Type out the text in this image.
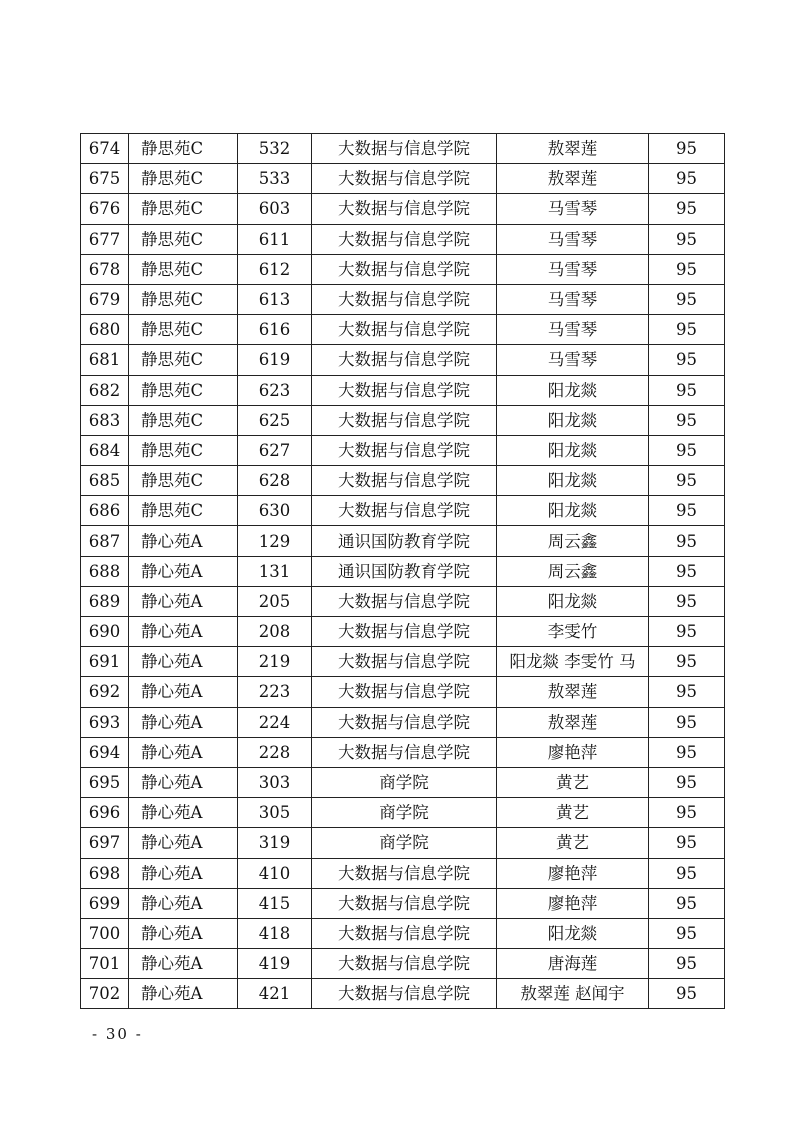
674	静思苑C	532	大数据与信息学院	敖翠莲	95
675	静思苑C	533	大数据与信息学院	敖翠莲	95
676	静思苑C	603	大数据与信息学院	马雪琴	95
677	静思苑C	611	大数据与信息学院	马雪琴	95
678	静思苑C	612	大数据与信息学院	马雪琴	95
679	静思苑C	613	大数据与信息学院	马雪琴	95
680	静思苑C	616	大数据与信息学院	马雪琴	95
681	静思苑C	619	大数据与信息学院	马雪琴	95
682	静思苑C	623	大数据与信息学院	阳龙燚	95
683	静思苑C	625	大数据与信息学院	阳龙燚	95
684	静思苑C	627	大数据与信息学院	阳龙燚	95
685	静思苑C	628	大数据与信息学院	阳龙燚	95
686	静思苑C	630	大数据与信息学院	阳龙燚	95
687	静心苑A	129	通识国防教育学院	周云鑫	95
688	静心苑A	131	通识国防教育学院	周云鑫	95
689	静心苑A	205	大数据与信息学院	阳龙燚	95
690	静心苑A	208	大数据与信息学院	李雯竹	95
691	静心苑A	219	大数据与信息学院	阳龙燚 李雯竹 马	95
692	静心苑A	223	大数据与信息学院	敖翠莲	95
693	静心苑A	224	大数据与信息学院	敖翠莲	95
694	静心苑A	228	大数据与信息学院	廖艳萍	95
695	静心苑A	303	商学院	黄艺	95
696	静心苑A	305	商学院	黄艺	95
697	静心苑A	319	商学院	黄艺	95
698	静心苑A	410	大数据与信息学院	廖艳萍	95
699	静心苑A	415	大数据与信息学院	廖艳萍	95
700	静心苑A	418	大数据与信息学院	阳龙燚	95
701	静心苑A	419	大数据与信息学院	唐海莲	95
702	静心苑A	421	大数据与信息学院	敖翠莲 赵闻宇	95
- 30 -
